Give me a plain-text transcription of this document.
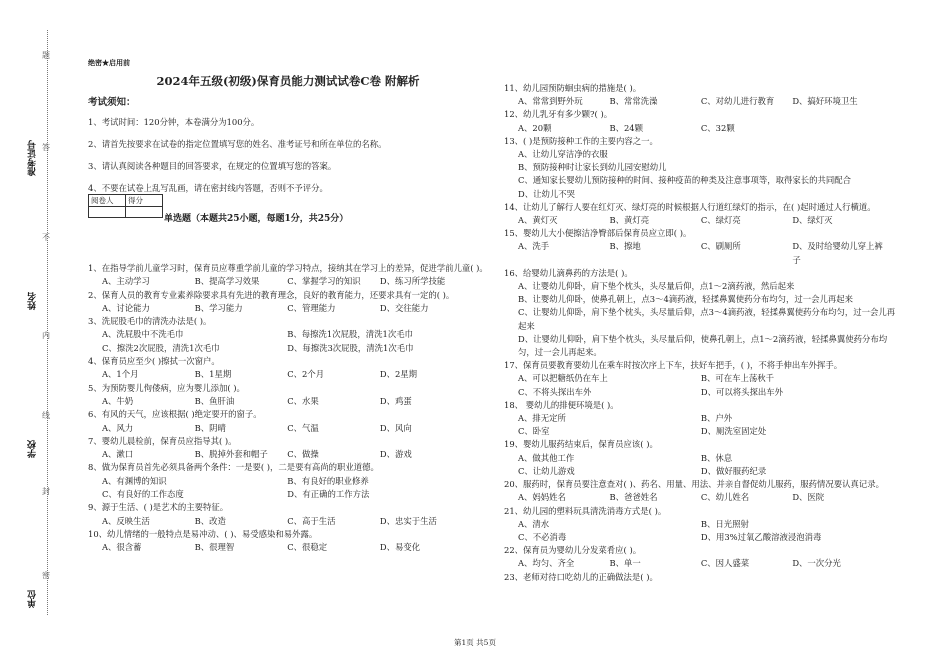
准考证号
姓名
学校
单位
题
答
不
内
线
封
密

绝密★启用前

2024年五级(初级)保育员能力测试试卷C卷 附解析

考试须知：

1、考试时间：120分钟，本卷满分为100分。

2、请首先按要求在试卷的指定位置填写您的姓名、准考证号和所在单位的名称。

3、请认真阅读各种题目的回答要求，在规定的位置填写您的答案。

4、不要在试卷上乱写乱画，请在密封线内答题，否则不予评分。

阅卷人	得分

单选题（本题共25小题，每题1分，共25分）

1、在指导学前儿童学习时，保育员应尊重学前儿童的学习特点，接纳其在学习上的差异，促进学前儿童( )。

A、主动学习	B、提高学习效果	C、掌握学习的知识	D、练习所学技能

2、保育人员的教育专业素养除要求具有先进的教育理念，良好的教育能力，还要求具有一定的( )。

A、讨论能力	B、学习能力	C、管理能力	D、交往能力

3、洗屁股毛巾的清洗办法是( )。

A、洗屁股中不洗毛巾	B、每擦洗1次屁股，清洗1次毛巾
C、擦洗2次屁股，清洗1次毛巾	D、每擦洗3次屁股，清洗1次毛巾

4、保育员应至少( )擦拭一次窗户。

A、1个月	B、1星期	C、2个月	D、2星期

5、为预防婴儿佝偻病，应为婴儿添加( )。

A、牛奶	B、鱼肝油	C、水果	D、鸡蛋

6、有风的天气，应该根据( )绝定要开的窗子。

A、风力	B、阴晴	C、气温	D、风向

7、婴幼儿晨检前，保育员应指导其( )。

A、漱口	B、脱掉外套和帽子	C、做操	D、游戏

8、做为保育员首先必须具备两个条件：一是要( )，二是要有高尚的职业道德。

A、有渊博的知识	B、有良好的职业修养
C、有良好的工作态度	D、有正确的工作方法

9、源于生活、( )是艺术的主要特征。

A、反映生活	B、改造	C、高于生活	D、忠实于生活

10、幼儿情绪的一般特点是易冲动、( )、易受感染和易外露。

A、很含蓄	B、很理智	C、很稳定	D、易变化

11、幼儿园预防蛔虫病的措施是( )。

A、常常到野外玩	B、常常洗澡	C、对幼儿进行教育	D、搞好环境卫生

12、幼儿乳牙有多少颗?( )。

A、20颗	B、24颗	C、32颗

13、( )是预防接种工作的主要内容之一。

A、让幼儿穿洁净的衣服
B、预防接种时让家长到幼儿园安慰幼儿
C、通知家长婴幼儿预防接种的时间、接种疫苗的种类及注意事项等，取得家长的共同配合
D、让幼儿不哭

14、让幼儿了解行人要在红灯灭、绿灯亮的时候根据人行道红绿灯的指示，在( )起时通过人行横道。

A、黄灯灭	B、黄灯亮	C、绿灯亮	D、绿灯灭

15、婴幼儿大小便擦洁净臀部后保育员应立即( )。

A、洗手	B、擦地	C、刷厕所	D、及时给婴幼儿穿上裤子

16、给婴幼儿滴鼻药的方法是( )。

A、让婴幼儿仰卧，肩下垫个枕头，头尽量后仰，点1～2滴药液，然后起来
B、让婴幼儿仰卧，使鼻孔朝上，点3～4滴药液，轻揉鼻翼使药分布均匀，过一会儿再起来
C、让婴幼儿仰卧，肩下垫个枕头，头尽量后仰，点3～4滴药液，轻揉鼻翼使药分布均匀，过一会儿再起来
D、让婴幼儿仰卧，肩下垫个枕头，头尽量后仰，使鼻孔朝上，点1～2滴药液，轻揉鼻翼使药分布均匀，过一会儿再起来。

17、保育员要教育要幼儿在乘车时按次序上下车，扶好车把手，( )，不将手伸出车外挥手。

A、可以把糖纸仍在车上	B、可在车上荡秋千
C、不将头探出车外	D、可以将头探出车外

18、 婴幼儿的排便环境是( )。

A、排无定所	B、户外
C、卧室	D、厕洗室固定处

19、婴幼儿服药结束后，保育员应该( )。

A、做其他工作	B、休息
C、让幼儿游戏	D、做好服药纪录

20、服药时，保育员要注意查对( )、药名、用量、用法、并亲自督促幼儿服药，服药情况要认真记录。

A、妈妈姓名	B、爸爸姓名	C、幼儿姓名	D、医院

21、幼儿园的塑料玩具清洗消毒方式是( )。

A、清水	B、日光照射
C、不必消毒	D、用3%过氧乙酸溶液浸泡消毒

22、保育员为婴幼儿分发菜肴应( )。

A、均匀、齐全	B、单一	C、因人盛菜	D、一次分光

23、老师对待口吃幼儿的正确做法是( )。

第1页 共5页
